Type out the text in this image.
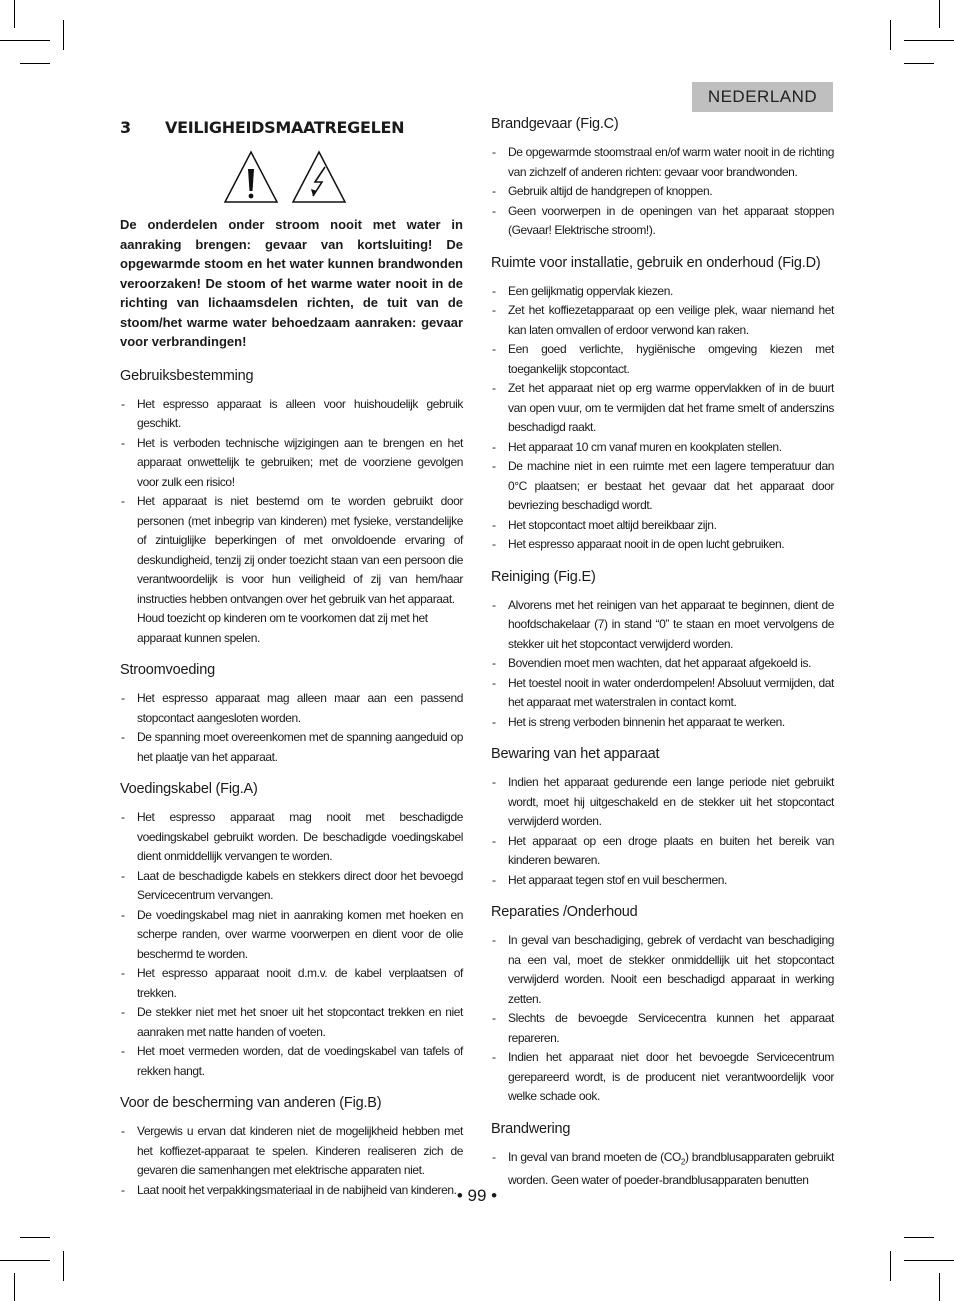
NEDERLAND
3	VEILIGHEIDSMAATREGELEN
De onderdelen onder stroom nooit met water in aanraking brengen: gevaar van kortsluiting! De opgewarmde stoom en het water kunnen brandwonden veroorzaken! De stoom of het warme water nooit in de richting van lichaamsdelen richten, de tuit van de stoom/het warme water behoedzaam aanraken: gevaar voor verbrandingen!
Gebruiksbestemming
- Het espresso apparaat is alleen voor huishoudelijk gebruik geschikt.
- Het is verboden technische wijzigingen aan te brengen en het apparaat onwettelijk te gebruiken; met de voorziene gevolgen voor zulk een risico!
- Het apparaat is niet bestemd om te worden gebruikt door personen (met inbegrip van kinderen) met fysieke, verstandelijke of zintuiglijke beperkingen of met onvoldoende ervaring of deskundigheid, tenzij zij onder toezicht staan van een persoon die verantwoordelijk is voor hun veiligheid of zij van hem/haar instructies hebben ontvangen over het gebruik van het apparaat.
Houd toezicht op kinderen om te voorkomen dat zij met het apparaat kunnen spelen.
Stroomvoeding
- Het espresso apparaat mag alleen maar aan een passend stopcontact aangesloten worden.
- De spanning moet overeenkomen met de spanning aangeduid op het plaatje van het apparaat.
Voedingskabel (Fig.A)
- Het espresso apparaat mag nooit met beschadigde voedingskabel gebruikt worden. De beschadigde voedingskabel dient onmiddellijk vervangen te worden.
- Laat de beschadigde kabels en stekkers direct door het bevoegd Servicecentrum vervangen.
- De voedingskabel mag niet in aanraking komen met hoeken en scherpe randen, over warme voorwerpen en dient voor de olie beschermd te worden.
- Het espresso apparaat nooit d.m.v. de kabel verplaatsen of trekken.
- De stekker niet met het snoer uit het stopcontact trekken en niet aanraken met natte handen of voeten.
- Het moet vermeden worden, dat de voedingskabel van tafels of rekken hangt.
Voor de bescherming van anderen (Fig.B)
- Vergewis u ervan dat kinderen niet de mogelijkheid hebben met het koffiezet-apparaat te spelen. Kinderen realiseren zich de gevaren die samenhangen met elektrische apparaten niet.
- Laat nooit het verpakkingsmateriaal in de nabijheid van kinderen.
Brandgevaar (Fig.C)
- De opgewarmde stoomstraal en/of warm water nooit in de richting van zichzelf of anderen richten: gevaar voor brandwonden.
- Gebruik altijd de handgrepen of knoppen.
- Geen voorwerpen in de openingen van het apparaat stoppen (Gevaar! Elektrische stroom!).
Ruimte voor installatie, gebruik en onderhoud (Fig.D)
- Een gelijkmatig oppervlak kiezen.
- Zet het koffiezetapparaat op een veilige plek, waar niemand het kan laten omvallen of erdoor verwond kan raken.
- Een goed verlichte, hygiënische omgeving kiezen met toegankelijk stopcontact.
- Zet het apparaat niet op erg warme oppervlakken of in de buurt van open vuur, om te vermijden dat het frame smelt of anderszins beschadigd raakt.
- Het apparaat 10 cm vanaf muren en kookplaten stellen.
- De machine niet in een ruimte met een lagere temperatuur dan 0°C plaatsen; er bestaat het gevaar dat het apparaat door bevriezing beschadigd wordt.
- Het stopcontact moet altijd bereikbaar zijn.
- Het espresso apparaat nooit in de open lucht gebruiken.
Reiniging (Fig.E)
- Alvorens met het reinigen van het apparaat te beginnen, dient de hoofdschakelaar (7) in stand “0” te staan en moet vervolgens de stekker uit het stopcontact verwijderd worden.
- Bovendien moet men wachten, dat het apparaat afgekoeld is.
- Het toestel nooit in water onderdompelen! Absoluut vermijden, dat het apparaat met waterstralen in contact komt.
- Het is streng verboden binnenin het apparaat te werken.
Bewaring van het apparaat
- Indien het apparaat gedurende een lange periode niet gebruikt wordt, moet hij uitgeschakeld en de stekker uit het stopcontact verwijderd worden.
- Het apparaat op een droge plaats en buiten het bereik van kinderen bewaren.
- Het apparaat tegen stof en vuil beschermen.
Reparaties /Onderhoud
- In geval van beschadiging, gebrek of verdacht van beschadiging na een val, moet de stekker onmiddellijk uit het stopcontact verwijderd worden. Nooit een beschadigd apparaat in werking zetten.
- Slechts de bevoegde Servicecentra kunnen het apparaat repareren.
- Indien het apparaat niet door het bevoegde Servicecentrum gerepareerd wordt, is de producent niet verantwoordelijk voor welke schade ook.
Brandwering
- In geval van brand moeten de $(CO_2)$ brandblusapparaten gebruikt worden. Geen water of poeder-brandblusapparaten benutten
• 99 •
